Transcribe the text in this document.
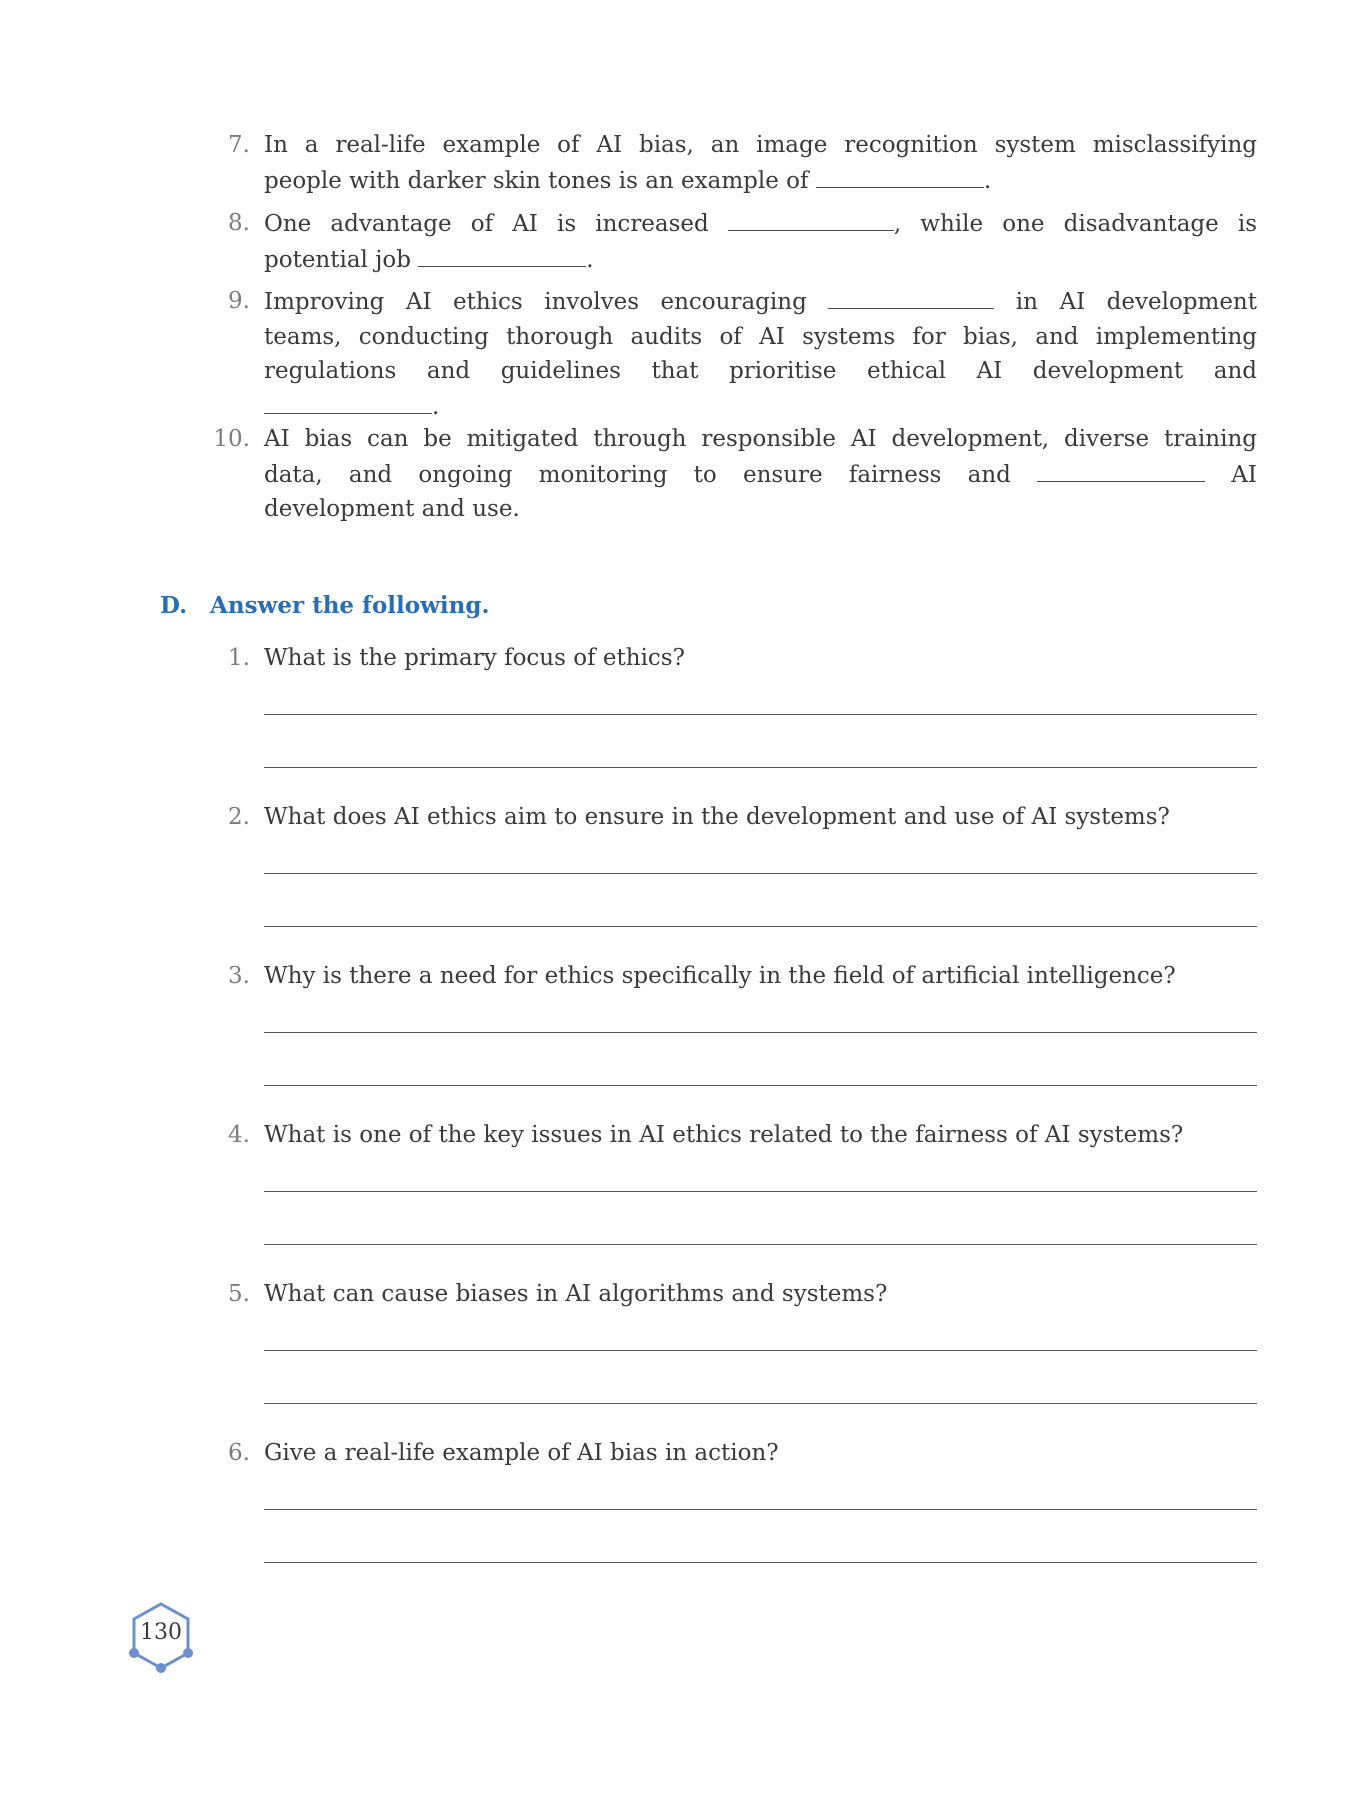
7. In a real-life example of AI bias, an image recognition system misclassifying
people with darker skin tones is an example of	.
8. One advantage of AI is increased	, while one disadvantage is
potential job	.
9. Improving AI ethics involves encouraging	in AI development
teams, conducting thorough audits of AI systems for bias, and implementing
regulations and guidelines that prioritise ethical AI development and
.
10. AI bias can be mitigated through responsible AI development, diverse training
data, and ongoing monitoring to ensure fairness and	AI
development and use.
D. Answer the following.
1. What is the primary focus of ethics?
2. What does AI ethics aim to ensure in the development and use of AI systems?
3. Why is there a need for ethics specifically in the field of artificial intelligence?
4. What is one of the key issues in AI ethics related to the fairness of AI systems?
5. What can cause biases in AI algorithms and systems?
6. Give a real-life example of AI bias in action?
130
